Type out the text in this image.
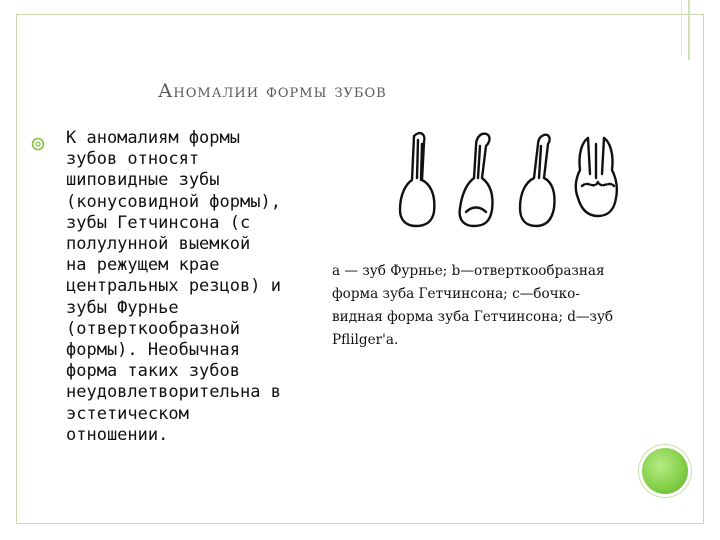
Аномалии формы зубов
К аномалиям формы
зубов относят
шиповидные зубы
(конусовидной формы),
зубы Гетчинсона (с
полулунной выемкой
на режущем крае
центральных резцов) и
зубы Фурнье
(отверткообразной
формы). Необычная
форма таких зубов
неудовлетворительна в
эстетическом
отношении.
а — зуб Фурнье; b—отверткообразная
форма зуба Гетчинсона; с—бочко-
видная форма зуба Гетчинсона; d—зуб
Pflilger'a.
